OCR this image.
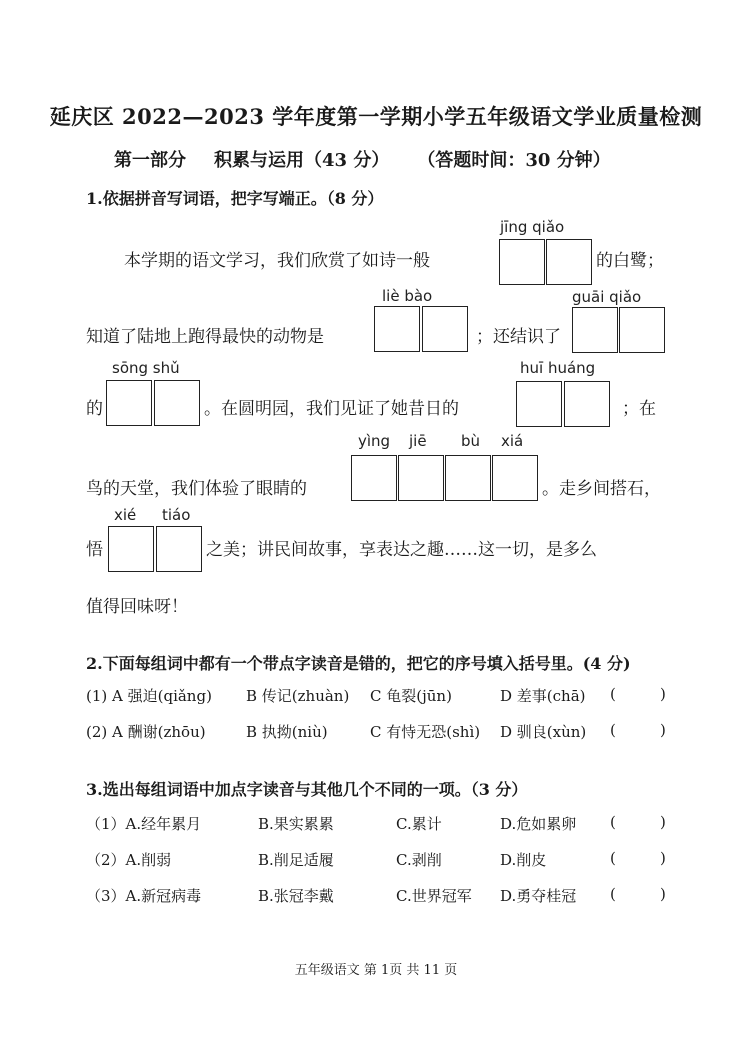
延庆区 2022—2023 学年度第一学期小学五年级语文学业质量检测
第一部分 积累与运用（43 分） （答题时间：30 分钟）
1.依据拼音写词语，把字写端正。（8 分）
jīng qiǎo
本学期的语文学习，我们欣赏了如诗一般	的白鹭；
liè bào	guāi qiǎo
知道了陆地上跑得最快的动物是	；还结识了
sōng shǔ	huī huáng
的	。在圆明园，我们见证了她昔日的	；在
yìng jiē bù xiá
鸟的天堂，我们体验了眼睛的	。走乡间搭石，
xié tiáo
悟	之美；讲民间故事，享表达之趣……这一切，是多么
值得回味呀！
2.下面每组词中都有一个带点字读音是错的，把它的序号填入括号里。(4 分)
(1) A 强迫(qiǎng) B 传记(zhuàn) C 龟裂(jūn)	D 差事(chā) (	)
(2) A 酬谢(zhōu)	B 执拗(niù)	C 有恃无恐(shì) D 驯良(xùn) (	)
3.选出每组词语中加点字读音与其他几个不同的一项。（3 分）
（1）A.经年累月	B.果实累累	C.累计	D.危如累卵 (	)
（2）A.削弱	B.削足适履	C.剥削	D.削皮	(	)
（3）A.新冠病毒	B.张冠李戴	C.世界冠军 D.勇夺桂冠 (	)
五年级语文 第 1页 共 11 页
